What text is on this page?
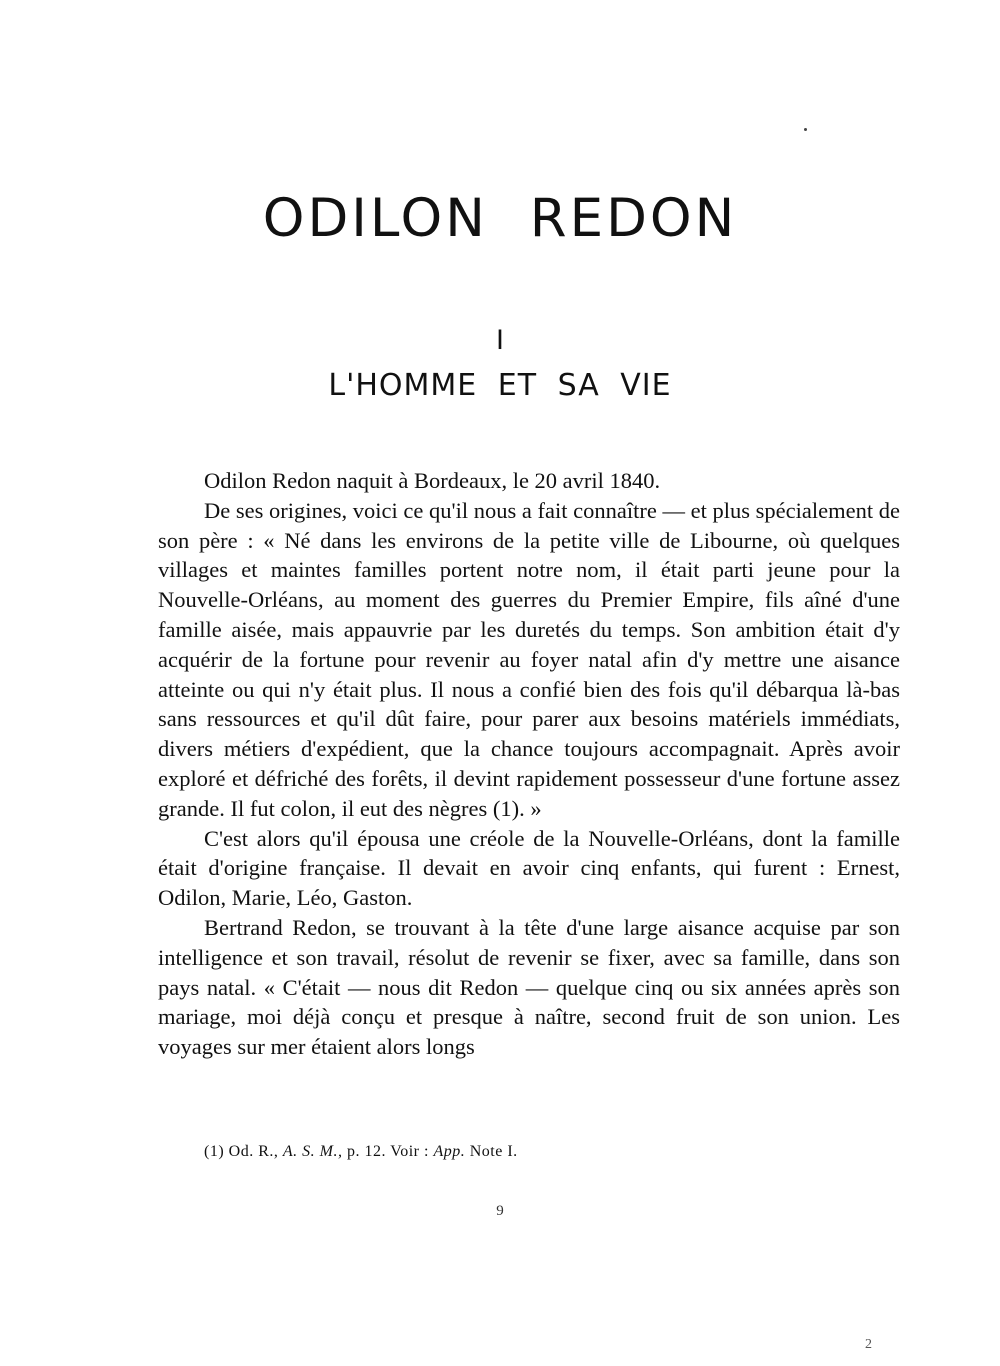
ODILON REDON
I
L'HOMME ET SA VIE

Odilon Redon naquit à Bordeaux, le 20 avril 1840.

De ses origines, voici ce qu'il nous a fait connaître — et plus spécialement de son père : « Né dans les environs de la petite ville de Libourne, où quelques villages et maintes familles portent notre nom, il était parti jeune pour la Nouvelle-Orléans, au moment des guerres du Premier Empire, fils aîné d'une famille aisée, mais appauvrie par les duretés du temps. Son ambition était d'y acquérir de la fortune pour revenir au foyer natal afin d'y mettre une aisance atteinte ou qui n'y était plus. Il nous a confié bien des fois qu'il débarqua là-bas sans ressources et qu'il dût faire, pour parer aux besoins matériels immédiats, divers métiers d'expédient, que la chance toujours accompagnait. Après avoir exploré et défriché des forêts, il devint rapidement possesseur d'une fortune assez grande. Il fut colon, il eut des nègres (1). »

C'est alors qu'il épousa une créole de la Nouvelle-Orléans, dont la famille était d'origine française. Il devait en avoir cinq enfants, qui furent : Ernest, Odilon, Marie, Léo, Gaston.

Bertrand Redon, se trouvant à la tête d'une large aisance acquise par son intelligence et son travail, résolut de revenir se fixer, avec sa famille, dans son pays natal. « C'était — nous dit Redon — quelque cinq ou six années après son mariage, moi déjà conçu et presque à naître, second fruit de son union. Les voyages sur mer étaient alors longs

(1) Od. R., A. S. M., p. 12. Voir : App. Note I.
9
2
